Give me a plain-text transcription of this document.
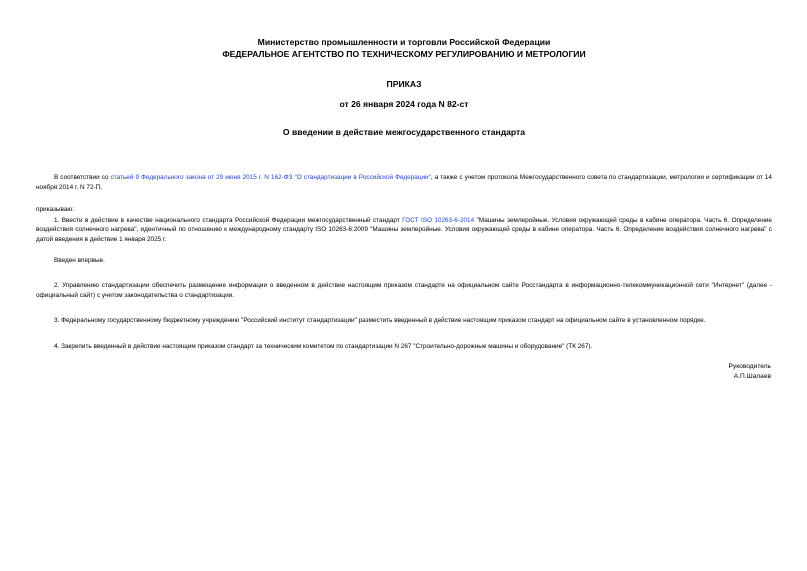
Министерство промышленности и торговли Российской Федерации
ФЕДЕРАЛЬНОЕ АГЕНТСТВО ПО ТЕХНИЧЕСКОМУ РЕГУЛИРОВАНИЮ И МЕТРОЛОГИИ
ПРИКАЗ
от 26 января 2024 года N 82-ст
О введении в действие межгосударственного стандарта

В соответствии со статьей 9 Федерального закона от 29 июня 2015 г. N 162-ФЗ "О стандартизации в Российской Федерации", а также с учетом протокола Межгосударственного совета по стандартизации, метрологии и сертификации от 14 ноября 2014 г. N 72-П,

приказываю:

1. Ввести в действие в качестве национального стандарта Российской Федерации межгосударственный стандарт ГОСТ ISO 10263-6-2014 "Машины землеройные. Условия окружающей среды в кабине оператора. Часть 6. Определение воздействия солнечного нагрева", идентичный по отношению к международному стандарту ISO 10263-6:2009 "Машины землеройные. Условия окружающей среды в кабине оператора. Часть 6. Определение воздействия солнечного нагрева" с датой введения в действие 1 января 2025 г.

Введен впервые.

2. Управлению стандартизации обеспечить размещение информации о введенном в действие настоящим приказом стандарте на официальном сайте Росстандарта в информационно-телекоммуникационной сети "Интернет" (далее - официальный сайт) с учетом законодательства о стандартизации.

3. Федеральному государственному бюджетному учреждению "Российский институт стандартизации" разместить введенный в действие настоящим приказом стандарт на официальном сайте в установленном порядке.

4. Закрепить введенный в действие настоящим приказом стандарт за техническим комитетом по стандартизации N 267 "Строительно-дорожные машины и оборудование" (ТК 267).

Руководитель
А.П.Шалаев
